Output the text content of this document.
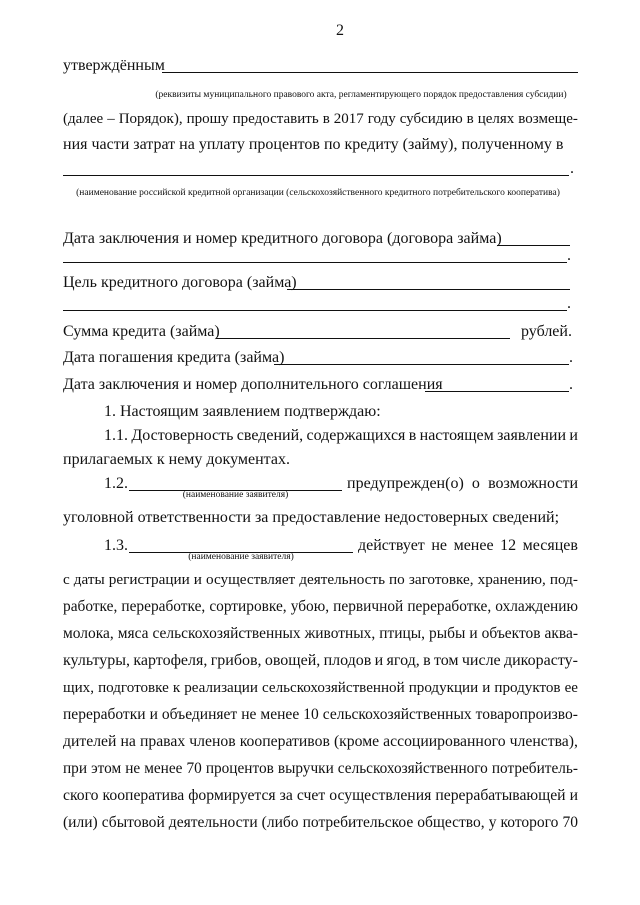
2
утверждённым
(реквизиты муниципального правового акта, регламентирующего порядок предоставления субсидии)
(далее – Порядок), прошу предоставить в 2017 году субсидию в целях возмеще-
ния части затрат на уплату процентов по кредиту (займу), полученному в
.
(наименование российской кредитной организации (сельскохозяйственного кредитного потребительского кооператива)
Дата заключения и номер кредитного договора (договора займа)
.
Цель кредитного договора (займа)
.
Сумма кредита (займа)	рублей.
Дата погашения кредита (займа)	.
Дата заключения и номер дополнительного соглашения	.
1. Настоящим заявлением подтверждаю:
1.1. Достоверность сведений, содержащихся в настоящем заявлении и
прилагаемых к нему документах.
1.2.	предупрежден(о) о возможности
(наименование заявителя)
уголовной ответственности за предоставление недостоверных сведений;
1.3.	действует не менее 12 месяцев
(наименование заявителя)
с даты регистрации и осуществляет деятельность по заготовке, хранению, под-
работке, переработке, сортировке, убою, первичной переработке, охлаждению
молока, мяса сельскохозяйственных животных, птицы, рыбы и объектов аква-
культуры, картофеля, грибов, овощей, плодов и ягод, в том числе дикорасту-
щих, подготовке к реализации сельскохозяйственной продукции и продуктов ее
переработки и объединяет не менее 10 сельскохозяйственных товаропроизво-
дителей на правах членов кооперативов (кроме ассоциированного членства),
при этом не менее 70 процентов выручки сельскохозяйственного потребитель-
ского кооператива формируется за счет осуществления перерабатывающей и
(или) сбытовой деятельности (либо потребительское общество, у которого 70
